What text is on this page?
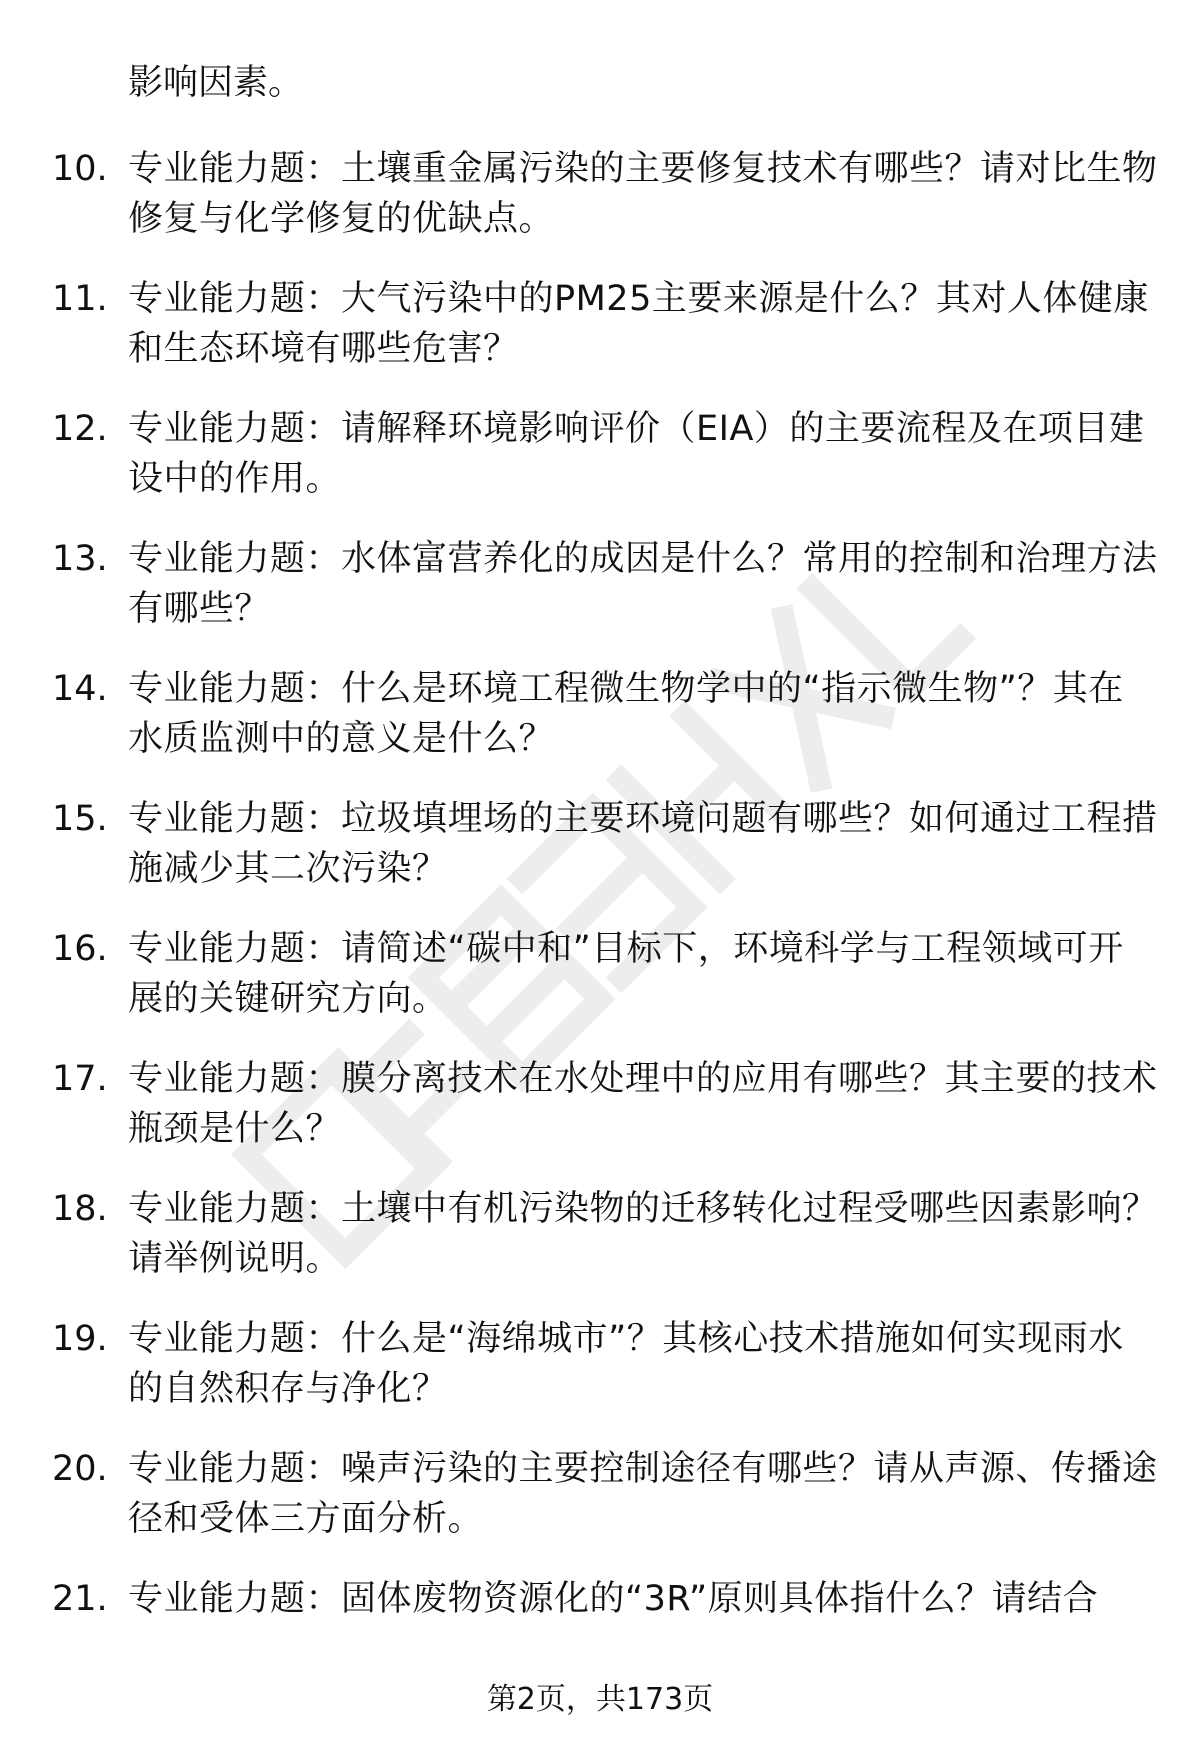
影响因素。
10. 专业能力题：土壤重金属污染的主要修复技术有哪些？请对比生物修复与化学修复的优缺点。
11. 专业能力题：大气污染中的PM25主要来源是什么？其对人体健康和生态环境有哪些危害？
12. 专业能力题：请解释环境影响评价（EIA）的主要流程及在项目建设中的作用。
13. 专业能力题：水体富营养化的成因是什么？常用的控制和治理方法有哪些？
14. 专业能力题：什么是环境工程微生物学中的“指示微生物”？其在水质监测中的意义是什么？
15. 专业能力题：垃圾填埋场的主要环境问题有哪些？如何通过工程措施减少其二次污染？
16. 专业能力题：请简述“碳中和”目标下，环境科学与工程领域可开展的关键研究方向。
17. 专业能力题：膜分离技术在水处理中的应用有哪些？其主要的技术瓶颈是什么？
18. 专业能力题：土壤中有机污染物的迁移转化过程受哪些因素影响？请举例说明。
19. 专业能力题：什么是“海绵城市”？其核心技术措施如何实现雨水的自然积存与净化？
20. 专业能力题：噪声污染的主要控制途径有哪些？请从声源、传播途径和受体三方面分析。
21. 专业能力题：固体废物资源化的“3R”原则具体指什么？请结合
第2页，共173页
